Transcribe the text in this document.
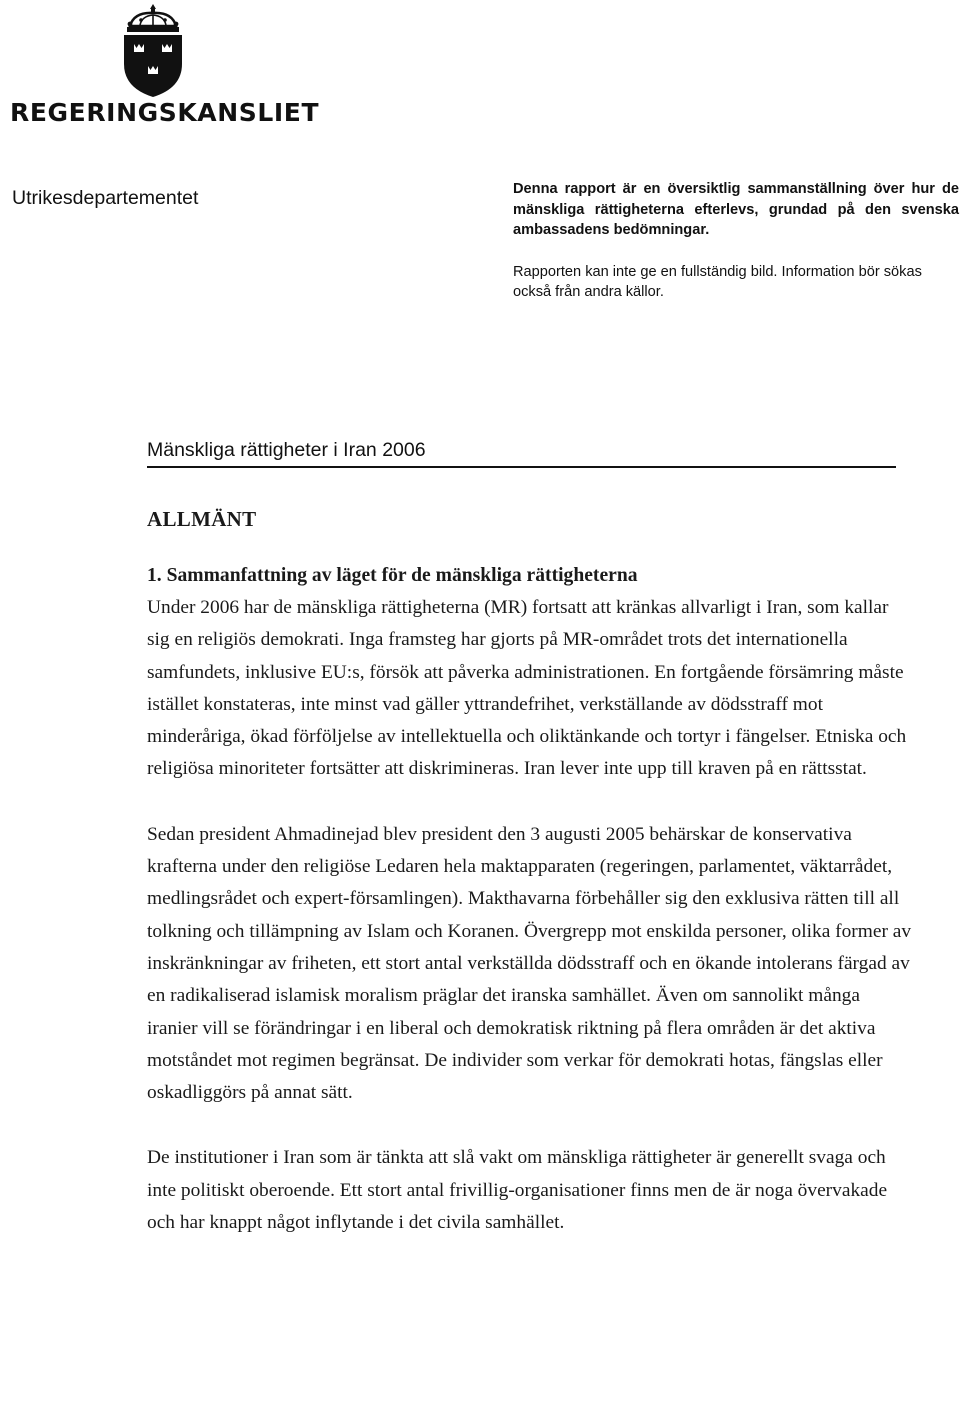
REGERINGSKANSLIET
Utrikesdepartementet	Denna rapport är en översiktlig sammanställning över hur de mänskliga rättigheterna efterlevs, grundad på den svenska ambassadens bedömningar.

Rapporten kan inte ge en fullständig bild. Information bör sökas också från andra källor.

Mänskliga rättigheter i Iran 2006
ALLMÄNT
1. Sammanfattning av läget för de mänskliga rättigheterna

Under 2006 har de mänskliga rättigheterna (MR) fortsatt att kränkas allvarligt i Iran, som kallar sig en religiös demokrati. Inga framsteg har gjorts på MR-området trots det internationella samfundets, inklusive EU:s, försök att påverka administrationen. En fortgående försämring måste istället konstateras, inte minst vad gäller yttrandefrihet, verkställande av dödsstraff mot minderåriga, ökad förföljelse av intellektuella och oliktänkande och tortyr i fängelser. Etniska och religiösa minoriteter fortsätter att diskrimineras. Iran lever inte upp till kraven på en rättsstat.

Sedan president Ahmadinejad blev president den 3 augusti 2005 behärskar de konservativa krafterna under den religiöse Ledaren hela maktapparaten (regeringen, parlamentet, väktarrådet, medlingsrådet och expert-församlingen). Makthavarna förbehåller sig den exklusiva rätten till all tolkning och tillämpning av Islam och Koranen. Övergrepp mot enskilda personer, olika former av inskränkningar av friheten, ett stort antal verkställda dödsstraff och en ökande intolerans färgad av en radikaliserad islamisk moralism präglar det iranska samhället. Även om sannolikt många iranier vill se förändringar i en liberal och demokratisk riktning på flera områden är det aktiva motståndet mot regimen begränsat. De individer som verkar för demokrati hotas, fängslas eller oskadliggörs på annat sätt.

De institutioner i Iran som är tänkta att slå vakt om mänskliga rättigheter är generellt svaga och inte politiskt oberoende. Ett stort antal frivillig-organisationer finns men de är noga övervakade och har knappt något inflytande i det civila samhället.
